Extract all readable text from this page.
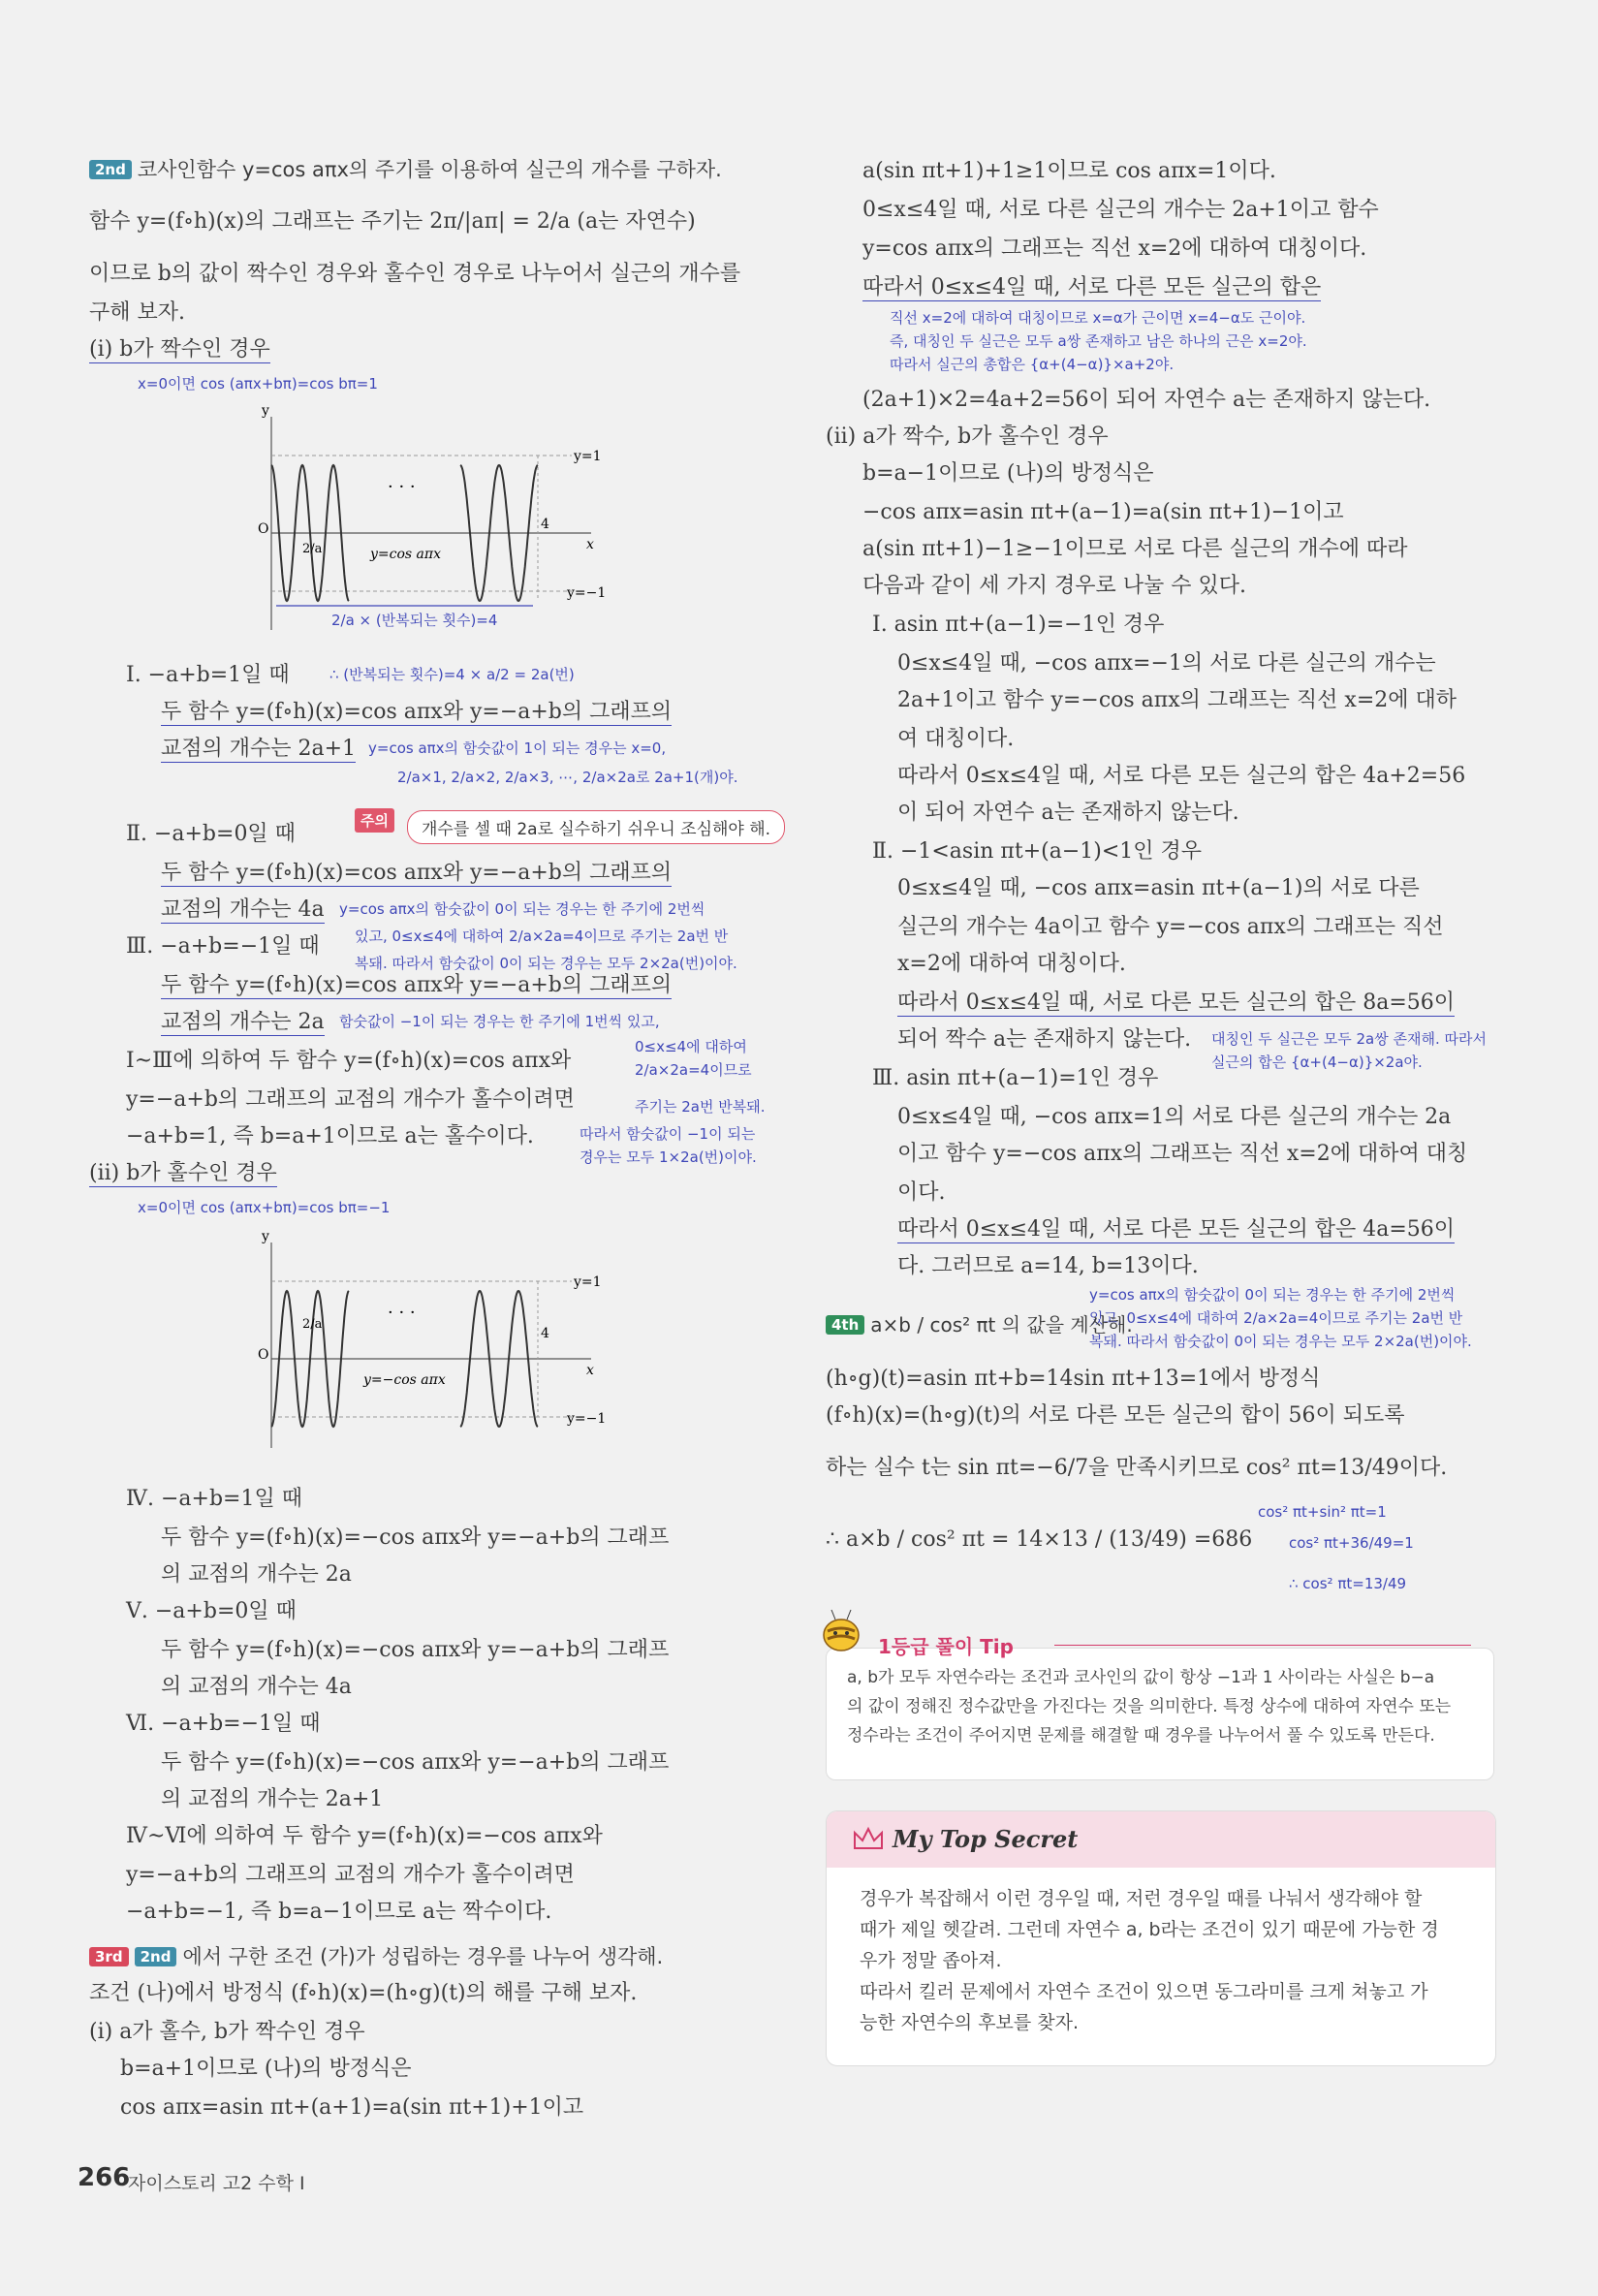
2nd 코사인함수 y=cos aπx의 주기를 이용하여 실근의 개수를 구하자.
함수 y=(f∘h)(x)의 그래프는 주기는 2π/|aπ| = 2/a (a는 자연수)
이므로 b의 값이 짝수인 경우와 홀수인 경우로 나누어서 실근의 개수를
구해 보자.
(i) b가 짝수인 경우
x=0이면 cos (aπx+bπ)=cos bπ=1
y
O
x
y=1
y=−1
4
2/a
· · ·
y=cos aπx
2/a × (반복되는 횟수)=4
Ⅰ. −a+b=1일 때	∴ (반복되는 횟수)=4 × a/2 = 2a(번)
두 함수 y=(f∘h)(x)=cos aπx와 y=−a+b의 그래프의
교점의 개수는 2a+1 y=cos aπx의 함숫값이 1이 되는 경우는 x=0,
2/a×1, 2/a×2, 2/a×3, ⋯, 2/a×2a로 2a+1(개)야.
주의	개수를 셀 때 2a로 실수하기 쉬우니 조심해야 해.
Ⅱ. −a+b=0일 때
두 함수 y=(f∘h)(x)=cos aπx와 y=−a+b의 그래프의
교점의 개수는 4a y=cos aπx의 함숫값이 0이 되는 경우는 한 주기에 2번씩
있고, 0≤x≤4에 대하여 2/a×2a=4이므로 주기는 2a번 반
복돼. 따라서 함숫값이 0이 되는 경우는 모두 2×2a(번)이야.
Ⅲ. −a+b=−1일 때
두 함수 y=(f∘h)(x)=cos aπx와 y=−a+b의 그래프의
교점의 개수는 2a 함숫값이 −1이 되는 경우는 한 주기에 1번씩 있고,
0≤x≤4에 대하여
2/a×2a=4이므로
주기는 2a번 반복돼.
따라서 함숫값이 −1이 되는
경우는 모두 1×2a(번)이야.
Ⅰ~Ⅲ에 의하여 두 함수 y=(f∘h)(x)=cos aπx와
y=−a+b의 그래프의 교점의 개수가 홀수이려면
−a+b=1, 즉 b=a+1이므로 a는 홀수이다.
(ii) b가 홀수인 경우
x=0이면 cos (aπx+bπ)=cos bπ=−1
y
O
x
y=1
y=−1
4
2/a
· · ·
y=−cos aπx
Ⅳ. −a+b=1일 때
두 함수 y=(f∘h)(x)=−cos aπx와 y=−a+b의 그래프
의 교점의 개수는 2a
Ⅴ. −a+b=0일 때
두 함수 y=(f∘h)(x)=−cos aπx와 y=−a+b의 그래프
의 교점의 개수는 4a
Ⅵ. −a+b=−1일 때
두 함수 y=(f∘h)(x)=−cos aπx와 y=−a+b의 그래프
의 교점의 개수는 2a+1
Ⅳ~Ⅵ에 의하여 두 함수 y=(f∘h)(x)=−cos aπx와
y=−a+b의 그래프의 교점의 개수가 홀수이려면
−a+b=−1, 즉 b=a−1이므로 a는 짝수이다.
3rd 2nd 에서 구한 조건 (가)가 성립하는 경우를 나누어 생각해.
조건 (나)에서 방정식 (f∘h)(x)=(h∘g)(t)의 해를 구해 보자.
(i) a가 홀수, b가 짝수인 경우
b=a+1이므로 (나)의 방정식은
cos aπx=asin πt+(a+1)=a(sin πt+1)+1이고
a(sin πt+1)+1≥1이므로 cos aπx=1이다.
0≤x≤4일 때, 서로 다른 실근의 개수는 2a+1이고 함수
y=cos aπx의 그래프는 직선 x=2에 대하여 대칭이다.
따라서 0≤x≤4일 때, 서로 다른 모든 실근의 합은
직선 x=2에 대하여 대칭이므로 x=α가 근이면 x=4−α도 근이야.
즉, 대칭인 두 실근은 모두 a쌍 존재하고 남은 하나의 근은 x=2야.
따라서 실근의 총합은 {α+(4−α)}×a+2야.
(2a+1)×2=4a+2=56이 되어 자연수 a는 존재하지 않는다.
(ii) a가 짝수, b가 홀수인 경우
b=a−1이므로 (나)의 방정식은
−cos aπx=asin πt+(a−1)=a(sin πt+1)−1이고
a(sin πt+1)−1≥−1이므로 서로 다른 실근의 개수에 따라
다음과 같이 세 가지 경우로 나눌 수 있다.
Ⅰ. asin πt+(a−1)=−1인 경우
0≤x≤4일 때, −cos aπx=−1의 서로 다른 실근의 개수는
2a+1이고 함수 y=−cos aπx의 그래프는 직선 x=2에 대하
여 대칭이다.
따라서 0≤x≤4일 때, 서로 다른 모든 실근의 합은 4a+2=56
이 되어 자연수 a는 존재하지 않는다.
Ⅱ. −1<asin πt+(a−1)<1인 경우
0≤x≤4일 때, −cos aπx=asin πt+(a−1)의 서로 다른
실근의 개수는 4a이고 함수 y=−cos aπx의 그래프는 직선
x=2에 대하여 대칭이다.
따라서 0≤x≤4일 때, 서로 다른 모든 실근의 합은 8a=56이
되어 짝수 a는 존재하지 않는다. 대칭인 두 실근은 모두 2a쌍 존재해. 따라서
실근의 합은 {α+(4−α)}×2a야.
Ⅲ. asin πt+(a−1)=1인 경우
0≤x≤4일 때, −cos aπx=1의 서로 다른 실근의 개수는 2a
이고 함수 y=−cos aπx의 그래프는 직선 x=2에 대하여 대칭
이다.
따라서 0≤x≤4일 때, 서로 다른 모든 실근의 합은 4a=56이
다. 그러므로 a=14, b=13이다.
y=cos aπx의 함숫값이 0이 되는 경우는 한 주기에 2번씩
있고, 0≤x≤4에 대하여 2/a×2a=4이므로 주기는 2a번 반
복돼. 따라서 함숫값이 0이 되는 경우는 모두 2×2a(번)이야.
4th a×b / cos² πt 의 값을 계산해.
(h∘g)(t)=asin πt+b=14sin πt+13=1에서 방정식
(f∘h)(x)=(h∘g)(t)의 서로 다른 모든 실근의 합이 56이 되도록
하는 실수 t는 sin πt=−6/7을 만족시키므로 cos² πt=13/49이다.
cos² πt+sin² πt=1
cos² πt+36/49=1
∴ cos² πt=13/49
∴ a×b / cos² πt = 14×13 / (13/49) =686
1등급 풀이 Tip
a, b가 모두 자연수라는 조건과 코사인의 값이 항상 −1과 1 사이라는 사실은 b−a
의 값이 정해진 정수값만을 가진다는 것을 의미한다. 특정 상수에 대하여 자연수 또는
정수라는 조건이 주어지면 문제를 해결할 때 경우를 나누어서 풀 수 있도록 만든다.
My Top Secret
경우가 복잡해서 이런 경우일 때, 저런 경우일 때를 나눠서 생각해야 할
때가 제일 헷갈려. 그런데 자연수 a, b라는 조건이 있기 때문에 가능한 경
우가 정말 좁아져.
따라서 킬러 문제에서 자연수 조건이 있으면 동그라미를 크게 쳐놓고 가
능한 자연수의 후보를 찾자.
266
자이스토리 고2 수학 I
